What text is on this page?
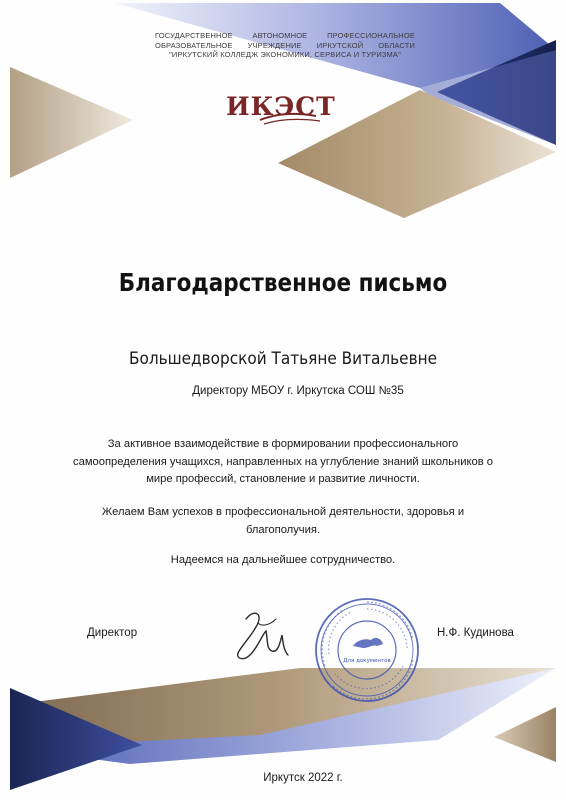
ГОСУДАРСТВЕННОЕ АВТОНОМНОЕ ПРОФЕССИОНАЛЬНОЕ ОБРАЗОВАТЕЛЬНОЕ УЧРЕЖДЕНИЕ ИРКУТСКОЙ ОБЛАСТИ "ИРКУТСКИЙ КОЛЛЕДЖ ЭКОНОМИКИ, СЕРВИСА И ТУРИЗМА"
ИКЭСТ
Благодарственное письмо
Большедворской Татьяне Витальевне
Директору МБОУ г. Иркутска СОШ №35
За активное взаимодействие в формировании профессионального самоопределения учащихся, направленных на углубление знаний школьников о мире профессий, становление и развитие личности.
Желаем Вам успехов в профессиональной деятельности, здоровья и благополучия.
Надеемся на дальнейшее сотрудничество.
Директор
Для документов
Н.Ф. Кудинова
Иркутск 2022 г.
